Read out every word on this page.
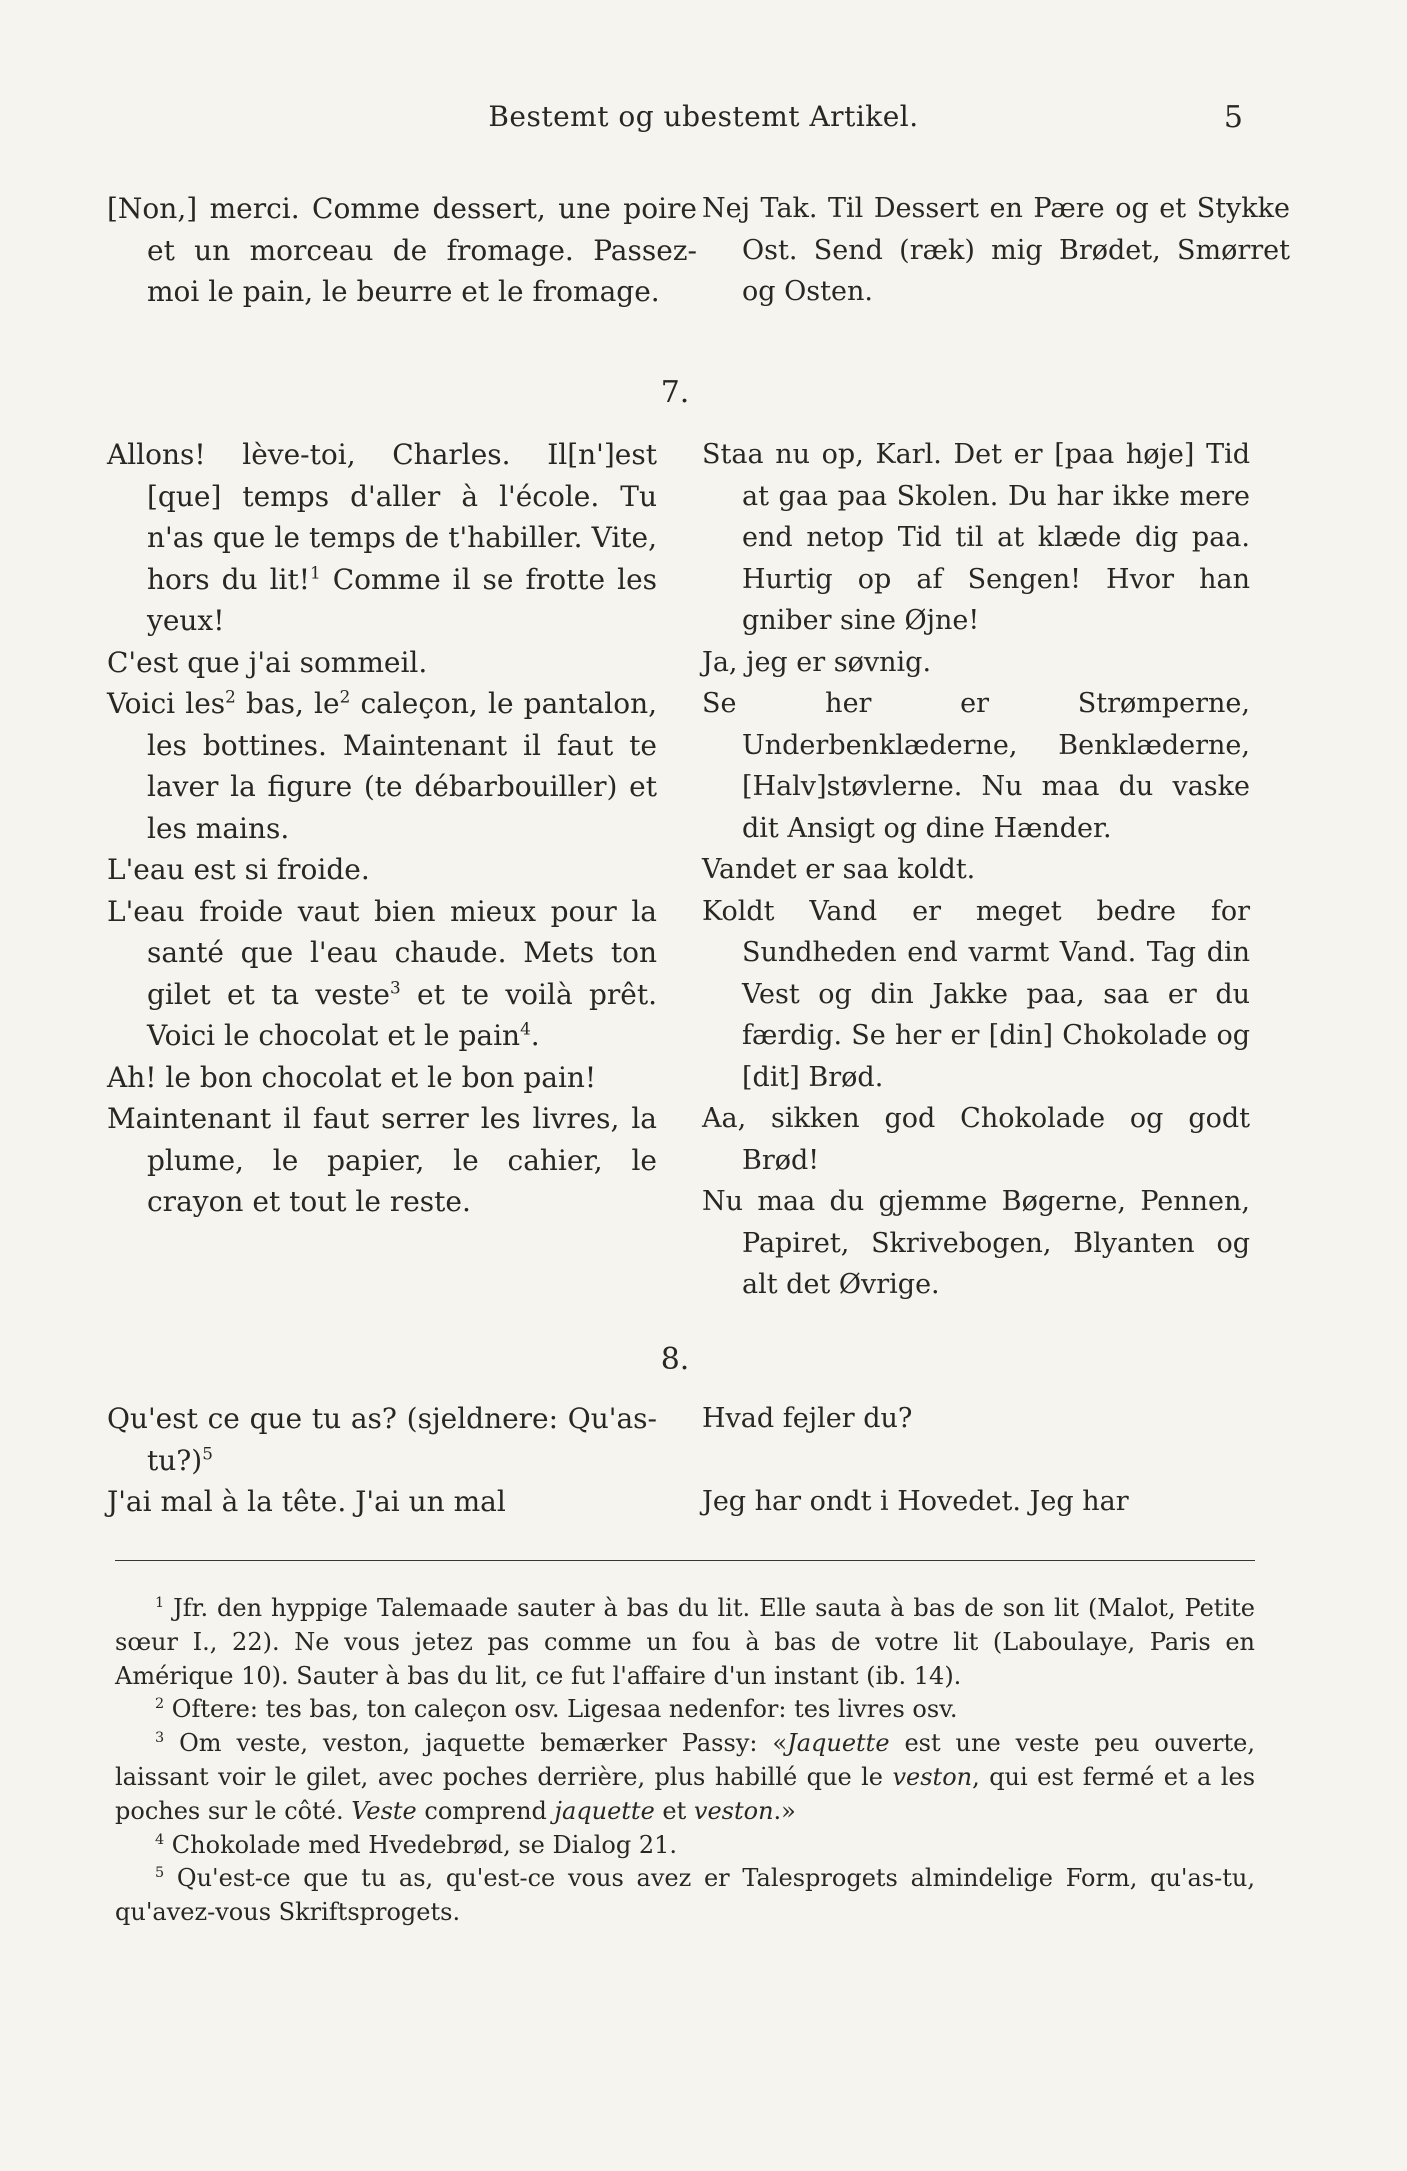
Bestemt og ubestemt Artikel.	5
[Non,] merci. Comme dessert, une poire et un morceau de fromage. Passez-moi le pain, le beurre et le fromage.
Nej Tak. Til Dessert en Pære og et Stykke Ost. Send (ræk) mig Brødet, Smørret og Osten.
7.
Allons! lève-toi, Charles. Il[n']est [que] temps d'aller à l'école. Tu n'as que le temps de t'habiller. Vite, hors du lit!$^1$ Comme il se frotte les yeux!
C'est que j'ai sommeil.
Voici les$^2$ bas, $le^2$ caleçon, le pantalon, les bottines. Maintenant il faut te laver la figure (te débarbouiller) et les mains.
L'eau est si froide.
L'eau froide vaut bien mieux pour la santé que l'eau chaude. Mets ton gilet et ta veste$^3$ et te voilà prêt. Voici le chocolat et le pain$^4$.
Ah! le bon chocolat et le bon pain!
Maintenant il faut serrer les livres, la plume, le papier, le cahier, le crayon et tout le reste.
Staa nu op, Karl. Det er [paa høje] Tid at gaa paa Skolen. Du har ikke mere end netop Tid til at klæde dig paa. Hurtig op af Sengen! Hvor han gniber sine Øjne!
Ja, jeg er søvnig.
Se her er Strømperne, Underbenklæderne, Benklæderne, [Halv]støvlerne. Nu maa du vaske dit Ansigt og dine Hænder.
Vandet er saa koldt.
Koldt Vand er meget bedre for Sundheden end varmt Vand. Tag din Vest og din Jakke paa, saa er du færdig. Se her er [din] Chokolade og [dit] Brød.
Aa, sikken god Chokolade og godt Brød!
Nu maa du gjemme Bøgerne, Pennen, Papiret, Skrivebogen, Blyanten og alt det Øvrige.
8.
Qu'est ce que tu as? (sjeldnere: Qu'as-tu?)$^5$
J'ai mal à la tête. J'ai un mal
Hvad fejler du?
Jeg har ondt i Hovedet. Jeg har
$^1$ Jfr. den hyppige Talemaade sauter à bas du lit. Elle sauta à bas de son lit (Malot, Petite sœur I., 22). Ne vous jetez pas comme un fou à bas de votre lit (Laboulaye, Paris en Amérique 10). Sauter à bas du lit, ce fut l'affaire d'un instant (ib. 14).
$^2$ Oftere: tes bas, ton caleçon osv. Ligesaa nedenfor: tes livres osv.
$^3$ Om veste, veston, jaquette bemærker Passy: «Jaquette est une veste peu ouverte, laissant voir le gilet, avec poches derrière, plus habillé que le veston, qui est fermé et a les poches sur le côté. Veste comprend jaquette et veston.»
$^4$ Chokolade med Hvedebrød, se Dialog 21.
$^5$ Qu'est-ce que tu as, qu'est-ce vous avez er Talesprogets almindelige Form, qu'as-tu, qu'avez-vous Skriftsprogets.
